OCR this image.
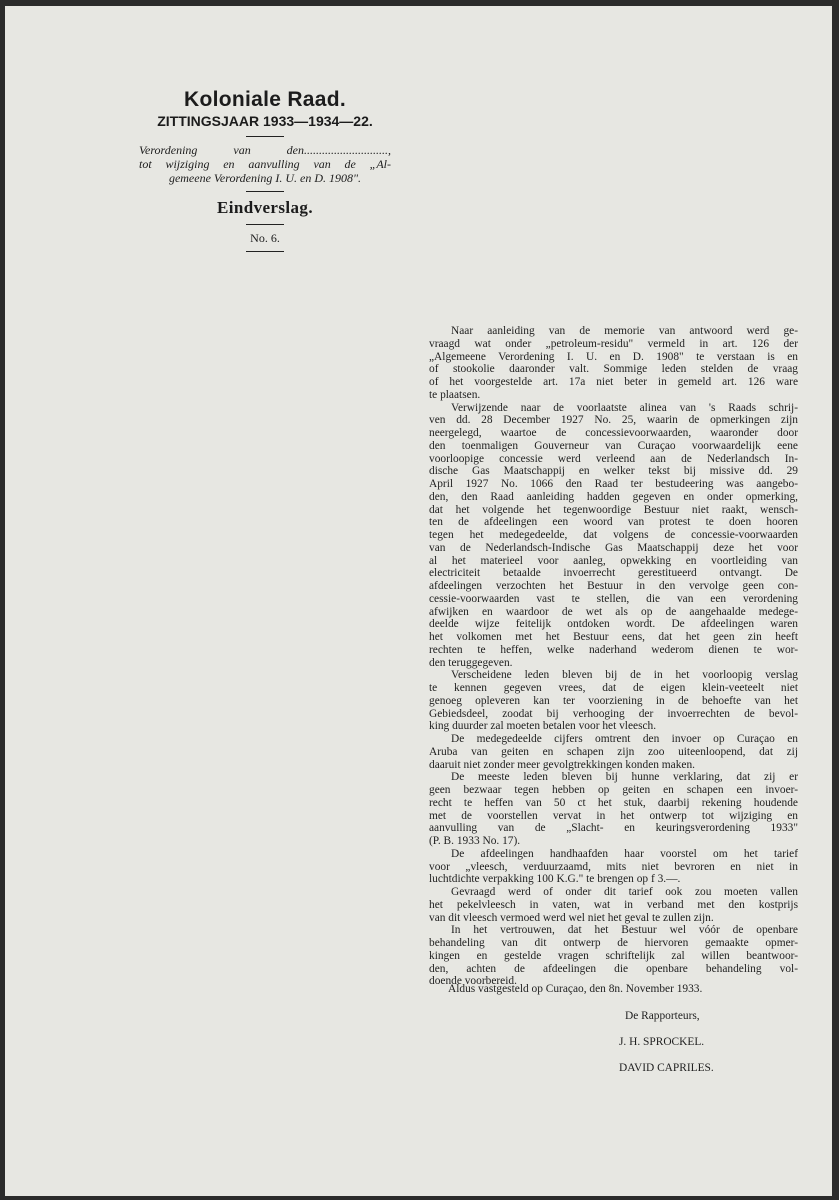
Koloniale Raad.
ZITTINGSJAAR 1933—1934—22.
Verordening van den............................,
tot wijziging en aanvulling van de „Al-
gemeene Verordening I. U. en D. 1908".
Eindverslag.
No. 6.
Naar aanleiding van de memorie van antwoord werd ge-
vraagd wat onder „petroleum-residu" vermeld in art. 126 der
„Algemeene Verordening I. U. en D. 1908" te verstaan is en
of stookolie daaronder valt. Sommige leden stelden de vraag
of het voorgestelde art. 17a niet beter in gemeld art. 126 ware
te plaatsen.
Verwijzende naar de voorlaatste alinea van 's Raads schrij-
ven dd. 28 December 1927 No. 25, waarin de opmerkingen zijn
neergelegd, waartoe de concessievoorwaarden, waaronder door
den toenmaligen Gouverneur van Curaçao voorwaardelijk eene
voorloopige concessie werd verleend aan de Nederlandsch In-
dische Gas Maatschappij en welker tekst bij missive dd. 29
April 1927 No. 1066 den Raad ter bestudeering was aangebo-
den, den Raad aanleiding hadden gegeven en onder opmerking,
dat het volgende het tegenwoordige Bestuur niet raakt, wensch-
ten de afdeelingen een woord van protest te doen hooren
tegen het medegedeelde, dat volgens de concessie-voorwaarden
van de Nederlandsch-Indische Gas Maatschappij deze het voor
al het materieel voor aanleg, opwekking en voortleiding van
electriciteit betaalde invoerrecht gerestitueerd ontvangt. De
afdeelingen verzochten het Bestuur in den vervolge geen con-
cessie-voorwaarden vast te stellen, die van een verordening
afwijken en waardoor de wet als op de aangehaalde medege-
deelde wijze feitelijk ontdoken wordt. De afdeelingen waren
het volkomen met het Bestuur eens, dat het geen zin heeft
rechten te heffen, welke naderhand wederom dienen te wor-
den teruggegeven.
Verscheidene leden bleven bij de in het voorloopig verslag
te kennen gegeven vrees, dat de eigen klein-veeteelt niet
genoeg opleveren kan ter voorziening in de behoefte van het
Gebiedsdeel, zoodat bij verhooging der invoerrechten de bevol-
king duurder zal moeten betalen voor het vleesch.
De medegedeelde cijfers omtrent den invoer op Curaçao en
Aruba van geiten en schapen zijn zoo uiteenloopend, dat zij
daaruit niet zonder meer gevolgtrekkingen konden maken.
De meeste leden bleven bij hunne verklaring, dat zij er
geen bezwaar tegen hebben op geiten en schapen een invoer-
recht te heffen van 50 ct het stuk, daarbij rekening houdende
met de voorstellen vervat in het ontwerp tot wijziging en
aanvulling van de „Slacht- en keuringsverordening 1933"
(P. B. 1933 No. 17).
De afdeelingen handhaafden haar voorstel om het tarief
voor „vleesch, verduurzaamd, mits niet bevroren en niet in
luchtdichte verpakking 100 K.G." te brengen op f 3.—.
Gevraagd werd of onder dit tarief ook zou moeten vallen
het pekelvleesch in vaten, wat in verband met den kostprijs
van dit vleesch vermoed werd wel niet het geval te zullen zijn.
In het vertrouwen, dat het Bestuur wel vóór de openbare
behandeling van dit ontwerp de hiervoren gemaakte opmer-
kingen en gestelde vragen schriftelijk zal willen beantwoor-
den, achten de afdeelingen die openbare behandeling vol-
doende voorbereid.
Aldus vastgesteld op Curaçao, den 8n. November 1933.
De Rapporteurs,
J. H. SPROCKEL.
DAVID CAPRILES.
